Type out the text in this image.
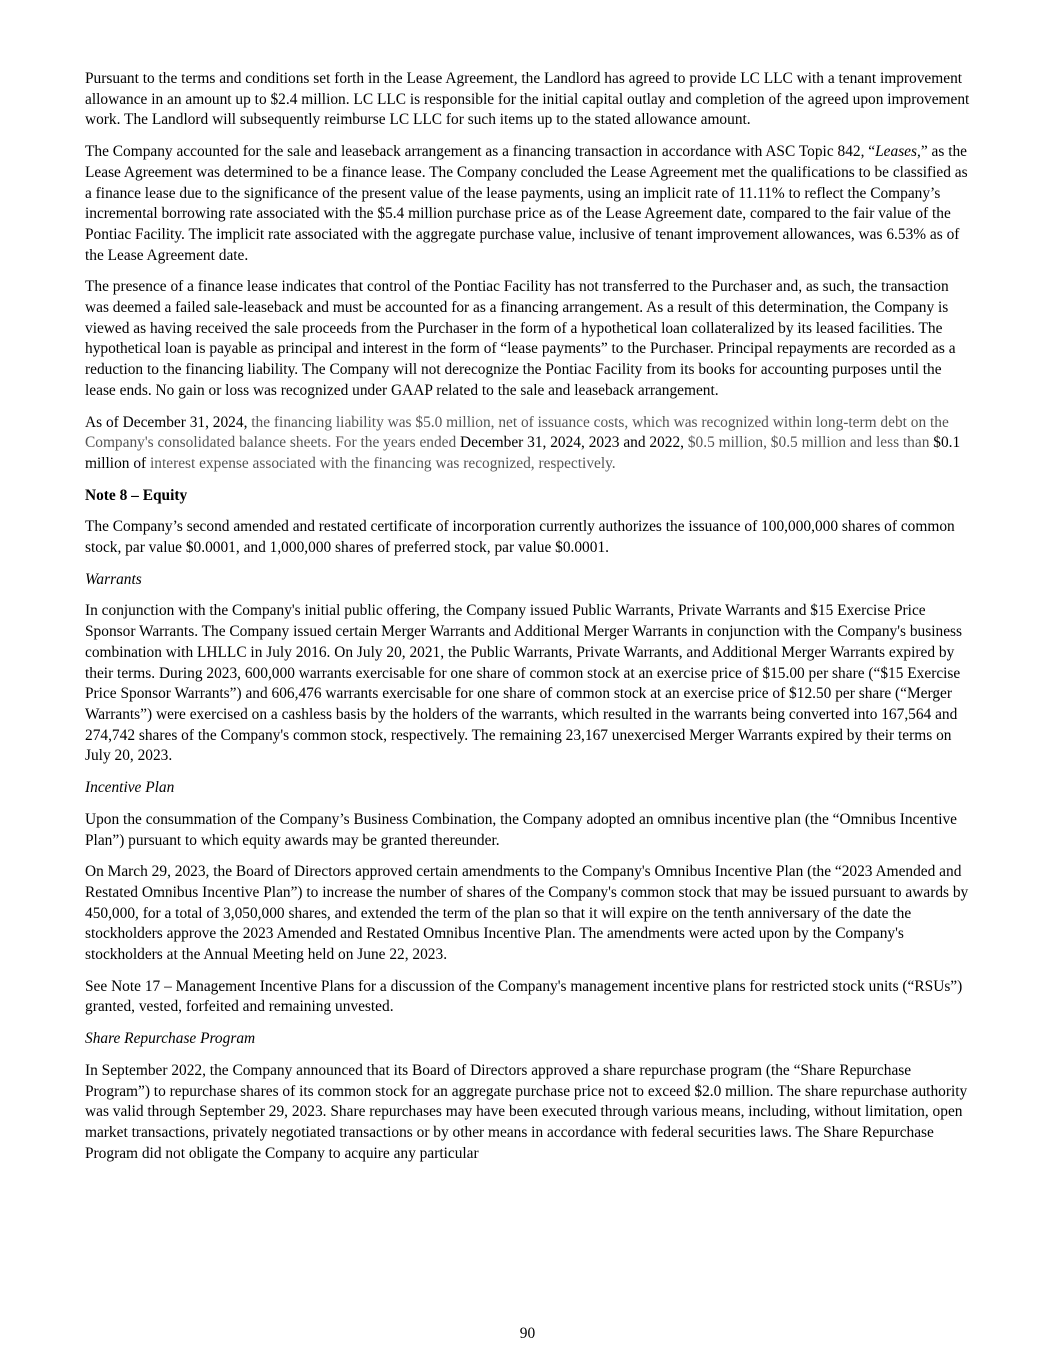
Pursuant to the terms and conditions set forth in the Lease Agreement, the Landlord has agreed to provide LC LLC with a tenant improvement allowance in an amount up to $2.4 million. LC LLC is responsible for the initial capital outlay and completion of the agreed upon improvement work. The Landlord will subsequently reimburse LC LLC for such items up to the stated allowance amount.

The Company accounted for the sale and leaseback arrangement as a financing transaction in accordance with ASC Topic 842, “Leases,” as the Lease Agreement was determined to be a finance lease. The Company concluded the Lease Agreement met the qualifications to be classified as a finance lease due to the significance of the present value of the lease payments, using an implicit rate of 11.11% to reflect the Company’s incremental borrowing rate associated with the $5.4 million purchase price as of the Lease Agreement date, compared to the fair value of the Pontiac Facility. The implicit rate associated with the aggregate purchase value, inclusive of tenant improvement allowances, was 6.53% as of the Lease Agreement date.

The presence of a finance lease indicates that control of the Pontiac Facility has not transferred to the Purchaser and, as such, the transaction was deemed a failed sale-leaseback and must be accounted for as a financing arrangement. As a result of this determination, the Company is viewed as having received the sale proceeds from the Purchaser in the form of a hypothetical loan collateralized by its leased facilities. The hypothetical loan is payable as principal and interest in the form of “lease payments” to the Purchaser. Principal repayments are recorded as a reduction to the financing liability. The Company will not derecognize the Pontiac Facility from its books for accounting purposes until the lease ends. No gain or loss was recognized under GAAP related to the sale and leaseback arrangement.

As of December 31, 2024, the financing liability was $5.0 million, net of issuance costs, which was recognized within long-term debt on the Company's consolidated balance sheets. For the years ended December 31, 2024, 2023 and 2022, $0.5 million, $0.5 million and less than $0.1 million of interest expense associated with the financing was recognized, respectively.

Note 8 – Equity

The Company’s second amended and restated certificate of incorporation currently authorizes the issuance of 100,000,000 shares of common stock, par value $0.0001, and 1,000,000 shares of preferred stock, par value $0.0001.

Warrants

In conjunction with the Company's initial public offering, the Company issued Public Warrants, Private Warrants and $15 Exercise Price Sponsor Warrants. The Company issued certain Merger Warrants and Additional Merger Warrants in conjunction with the Company's business combination with LHLLC in July 2016. On July 20, 2021, the Public Warrants, Private Warrants, and Additional Merger Warrants expired by their terms. During 2023, 600,000 warrants exercisable for one share of common stock at an exercise price of $15.00 per share (“$15 Exercise Price Sponsor Warrants”) and 606,476 warrants exercisable for one share of common stock at an exercise price of $12.50 per share (“Merger Warrants”) were exercised on a cashless basis by the holders of the warrants, which resulted in the warrants being converted into 167,564 and 274,742 shares of the Company's common stock, respectively. The remaining 23,167 unexercised Merger Warrants expired by their terms on July 20, 2023.

Incentive Plan

Upon the consummation of the Company’s Business Combination, the Company adopted an omnibus incentive plan (the “Omnibus Incentive Plan”) pursuant to which equity awards may be granted thereunder.

On March 29, 2023, the Board of Directors approved certain amendments to the Company's Omnibus Incentive Plan (the “2023 Amended and Restated Omnibus Incentive Plan”) to increase the number of shares of the Company's common stock that may be issued pursuant to awards by 450,000, for a total of 3,050,000 shares, and extended the term of the plan so that it will expire on the tenth anniversary of the date the stockholders approve the 2023 Amended and Restated Omnibus Incentive Plan. The amendments were acted upon by the Company's stockholders at the Annual Meeting held on June 22, 2023.

See Note 17 – Management Incentive Plans for a discussion of the Company's management incentive plans for restricted stock units (“RSUs”) granted, vested, forfeited and remaining unvested.

Share Repurchase Program

In September 2022, the Company announced that its Board of Directors approved a share repurchase program (the “Share Repurchase Program”) to repurchase shares of its common stock for an aggregate purchase price not to exceed $2.0 million. The share repurchase authority was valid through September 29, 2023. Share repurchases may have been executed through various means, including, without limitation, open market transactions, privately negotiated transactions or by other means in accordance with federal securities laws. The Share Repurchase Program did not obligate the Company to acquire any particular

90
